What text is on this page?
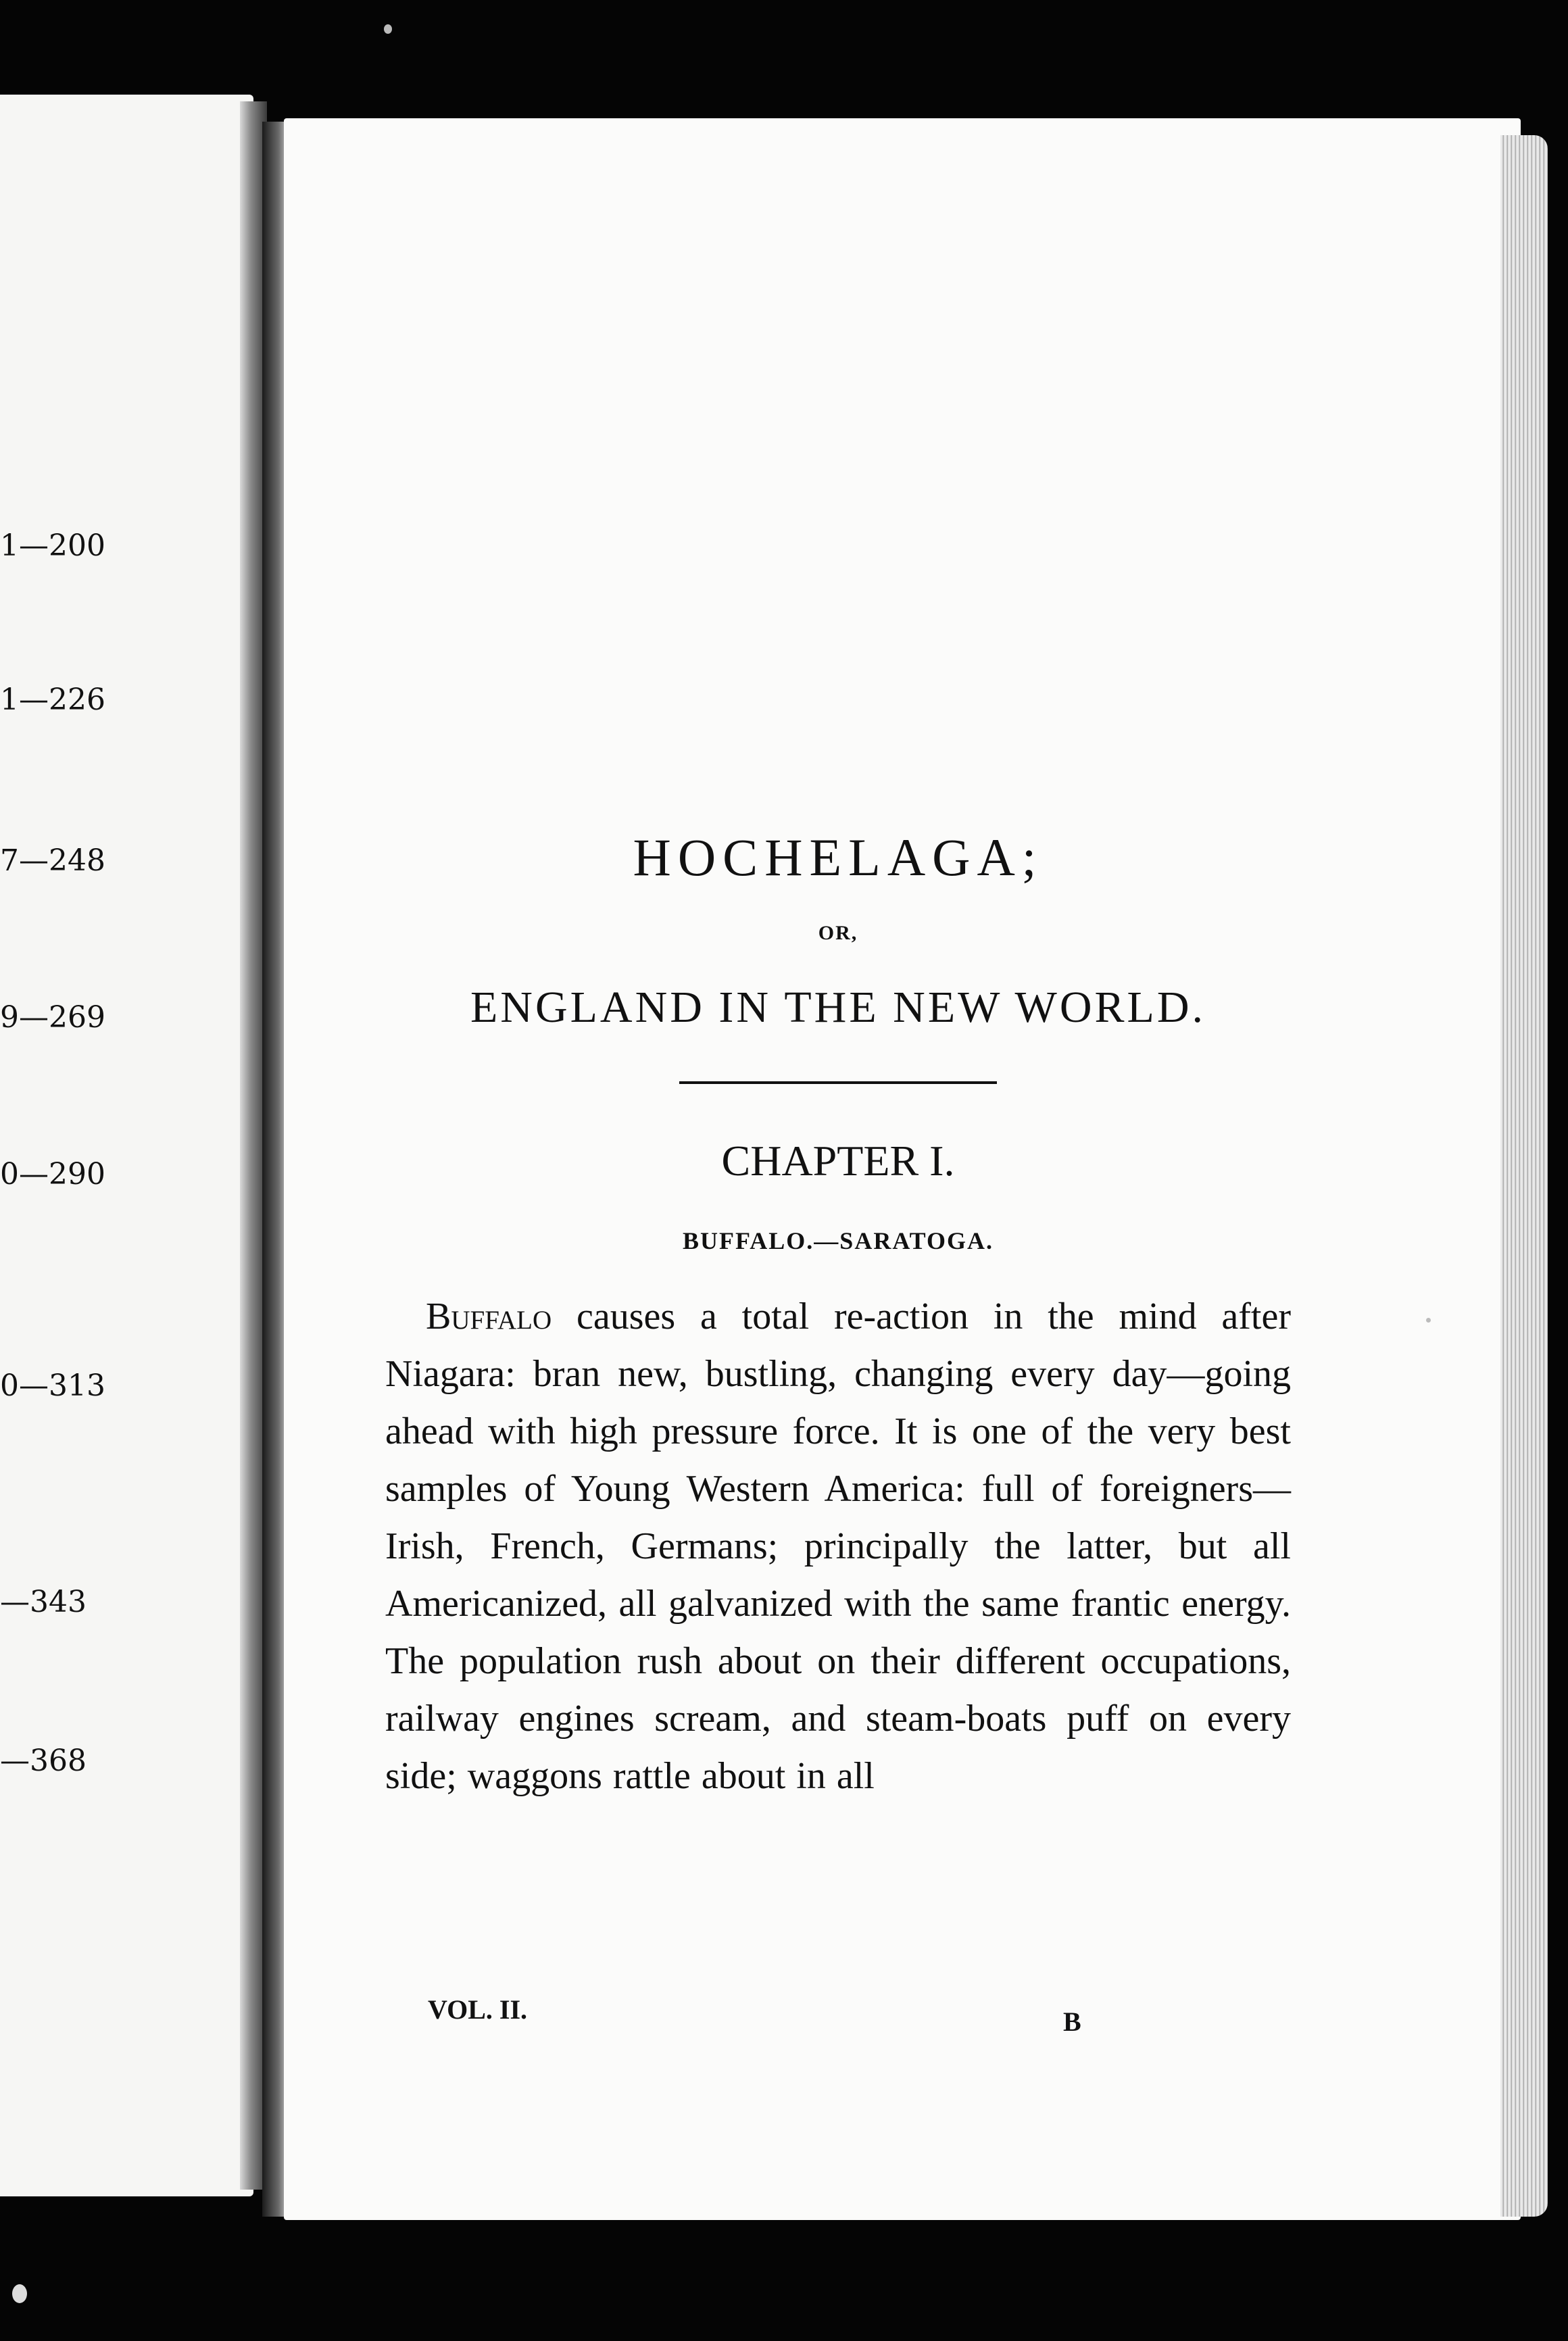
1—200
1—226
7—248
9—269
0—290
0—313
—343
—368
HOCHELAGA;
OR,
ENGLAND IN THE NEW WORLD.
CHAPTER I.
BUFFALO.—SARATOGA.

Buffalo causes a total re-action in the mind after Niagara: bran new, bustling, changing every day—going ahead with high pressure force. It is one of the very best samples of Young Western America: full of foreigners—Irish, French, Germans; principally the latter, but all Americanized, all galvanized with the same frantic energy. The population rush about on their different occupations, railway engines scream, and steam-boats puff on every side; waggons rattle about in all

VOL. II.	B
